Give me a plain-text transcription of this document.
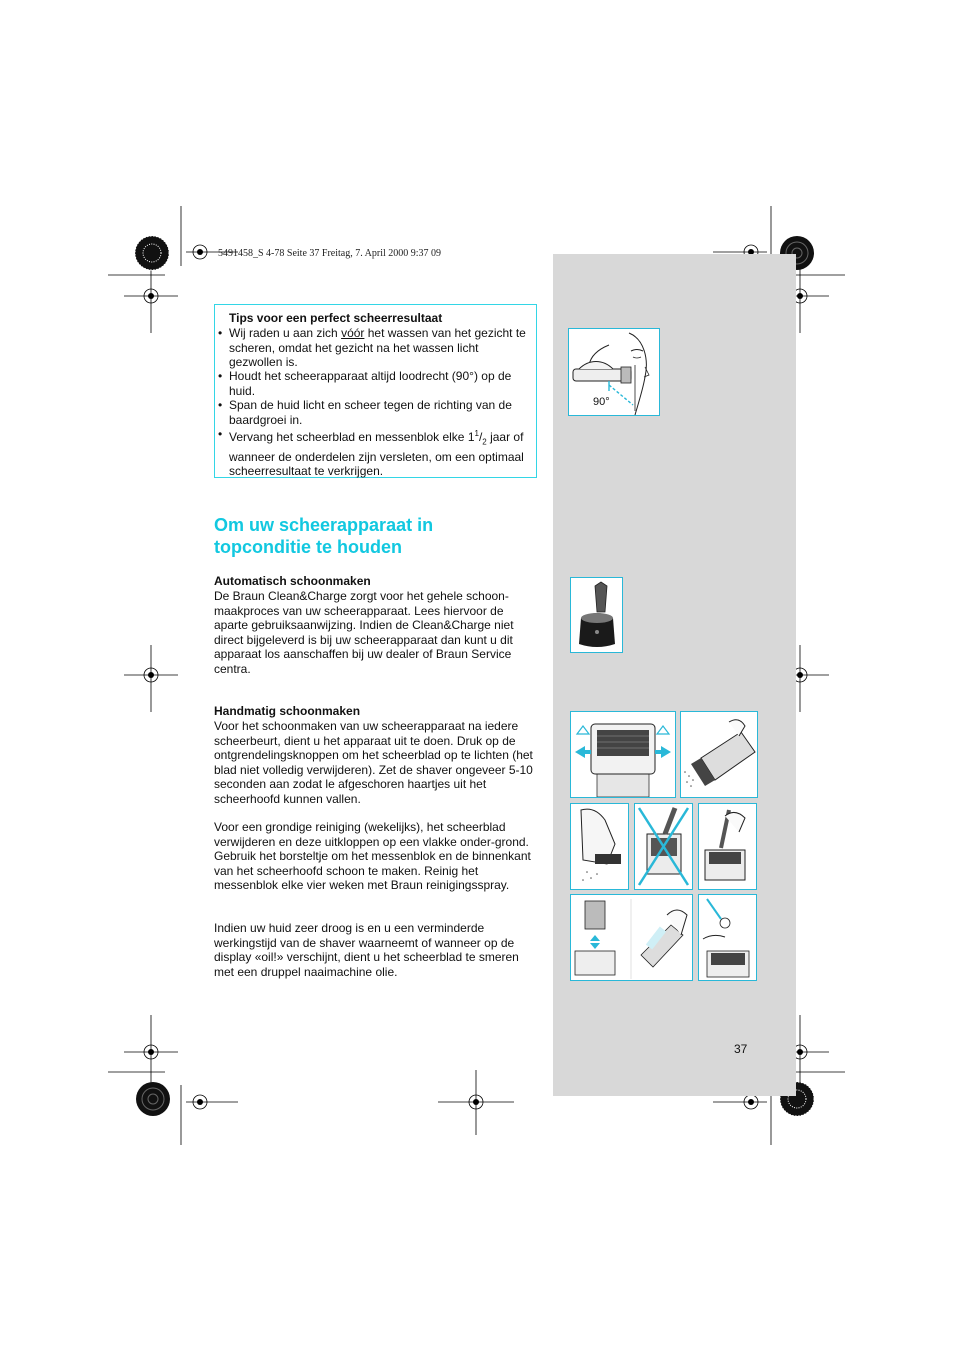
5491458_S 4-78 Seite 37 Freitag, 7. April 2000 9:37 09
Tips voor een perfect scheerresultaat
• Wij raden u aan zich vóór het wassen van het gezicht te scheren, omdat het gezicht na het wassen licht gezwollen is.
• Houdt het scheerapparaat altijd loodrecht (90°) op de huid.
• Span de huid licht en scheer tegen de richting van de baardgroei in.
• Vervang het scheerblad en messenblok elke $1^1/_2$ jaar of wanneer de onderdelen zijn versleten, om een optimaal scheerresultaat te verkrijgen.
Om uw scheerapparaat in
topconditie te houden
Automatisch schoonmaken
De Braun Clean&Charge zorgt voor het gehele schoon-maakproces van uw scheerapparaat. Lees hiervoor de aparte gebruiksaanwijzing. Indien de Clean&Charge niet direct bijgeleverd is bij uw scheerapparaat dan kunt u dit apparaat los aanschaffen bij uw dealer of Braun Service centra.
Handmatig schoonmaken
Voor het schoonmaken van uw scheerapparaat na iedere scheerbeurt, dient u het apparaat uit te doen. Druk op de ontgrendelingsknoppen om het scheerblad op te lichten (het blad niet volledig verwijderen). Zet de shaver ongeveer 5-10 seconden aan zodat le afgeschoren haartjes uit het scheerhoofd kunnen vallen.
Voor een grondige reiniging (wekelijks), het scheerblad verwijderen en deze uitkloppen op een vlakke onder-grond. Gebruik het borsteltje om het messenblok en de binnenkant van het scheerhoofd schoon te maken. Reinig het messenblok elke vier weken met Braun reinigingsspray.
Indien uw huid zeer droog is en u een verminderde werkingstijd van de shaver waarneemt of wanneer op de display «oil!» verschijnt, dient u het scheerblad te smeren met een druppel naaimachine olie.
37
90°
